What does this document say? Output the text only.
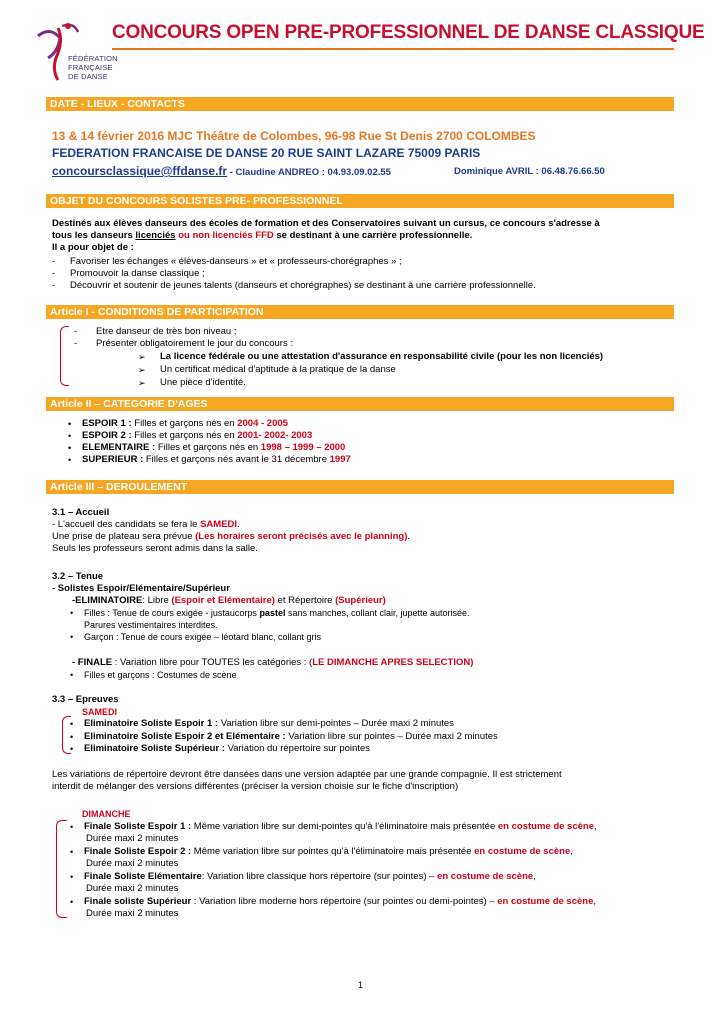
FÉDÉRATION
FRANÇAISE
DE DANSE
CONCOURS OPEN PRE-PROFESSIONNEL DE DANSE CLASSIQUE
DATE - LIEUX - CONTACTS
13 & 14 février 2016 MJC Théâtre de Colombes, 96-98 Rue St Denis 2700 COLOMBES
FEDERATION FRANCAISE DE DANSE 20 RUE SAINT LAZARE 75009 PARIS
concoursclassique@ffdanse.fr - Claudine ANDREO : 04.93.09.02.55	Dominique AVRIL : 06.48.76.66.50
OBJET DU CONCOURS SOLISTES PRE- PROFESSIONNEL
Destinés aux élèves danseurs des écoles de formation et des Conservatoires suivant un cursus, ce concours s'adresse à
tous les danseurs licenciés ou non licenciés FFD se destinant à une carrière professionnelle.
Il a pour objet de :
- Favoriser les échanges « élèves-danseurs » et « professeurs-chorégraphes » ;
- Promouvoir la danse classique ;
- Découvrir et soutenir de jeunes talents (danseurs et chorégraphes) se destinant à une carrière professionnelle.
Article I - CONDITIONS DE PARTICIPATION
- Etre danseur de très bon niveau ;
- Présenter obligatoirement le jour du concours :
➢ La licence fédérale ou une attestation d'assurance en responsabilité civile (pour les non licenciés)
➢ Un certificat médical d'aptitude à la pratique de la danse
➢ Une pièce d'identité.
Article II – CATEGORIE D'AGES
• ESPOIR 1 : Filles et garçons nés en 2004 - 2005
• ESPOIR 2 : Filles et garçons nés en 2001- 2002- 2003
• ELEMENTAIRE : Filles et garçons nés en 1998 – 1999 – 2000
• SUPERIEUR : Filles et garçons nés avant le 31 décembre 1997
Article III – DEROULEMENT
3.1 – Accueil
- L'accueil des candidats se fera le SAMEDI.
Une prise de plateau sera prévue (Les horaires seront précisés avec le planning).
Seuls les professeurs seront admis dans la salle.
3.2 – Tenue
- Solistes Espoir/Elémentaire/Supérieur
-ELIMINATOIRE: Libre (Espoir et Elémentaire) et Répertoire (Supérieur)
• Filles : Tenue de cours exigée - justaucorps pastel sans manches, collant clair, jupette autorisée.
Parures vestimentaires interdites.
• Garçon : Tenue de cours exigée – léotard blanc, collant gris
- FINALE : Variation libre pour TOUTES les catégories : (LE DIMANCHE APRES SELECTION)
• Filles et garçons : Costumes de scène
3.3 – Epreuves
SAMEDI
• Eliminatoire Soliste Espoir 1 : Variation libre sur demi-pointes – Durée maxi 2 minutes
• Eliminatoire Soliste Espoir 2 et Elémentaire : Variation libre sur pointes – Durée maxi 2 minutes
• Eliminatoire Soliste Supérieur : Variation du répertoire sur pointes
Les variations de répertoire devront être dansées dans une version adaptée par une grande compagnie. Il est strictement
interdit de mélanger des versions différentes (préciser la version choisie sur le fiche d'inscription)
DIMANCHE
• Finale Soliste Espoir 1 : Même variation libre sur demi-pointes qu'à l'éliminatoire mais présentée en costume de scène,
Durée maxi 2 minutes
• Finale Soliste Espoir 2 : Même variation libre sur pointes qu'à l'éliminatoire mais présentée en costume de scène,
Durée maxi 2 minutes
• Finale Soliste Elémentaire: Variation libre classique hors répertoire (sur pointes) – en costume de scène,
Durée maxi 2 minutes
• Finale soliste Supérieur : Variation libre moderne hors répertoire (sur pointes ou demi-pointes) – en costume de scène,
Durée maxi 2 minutes
1
